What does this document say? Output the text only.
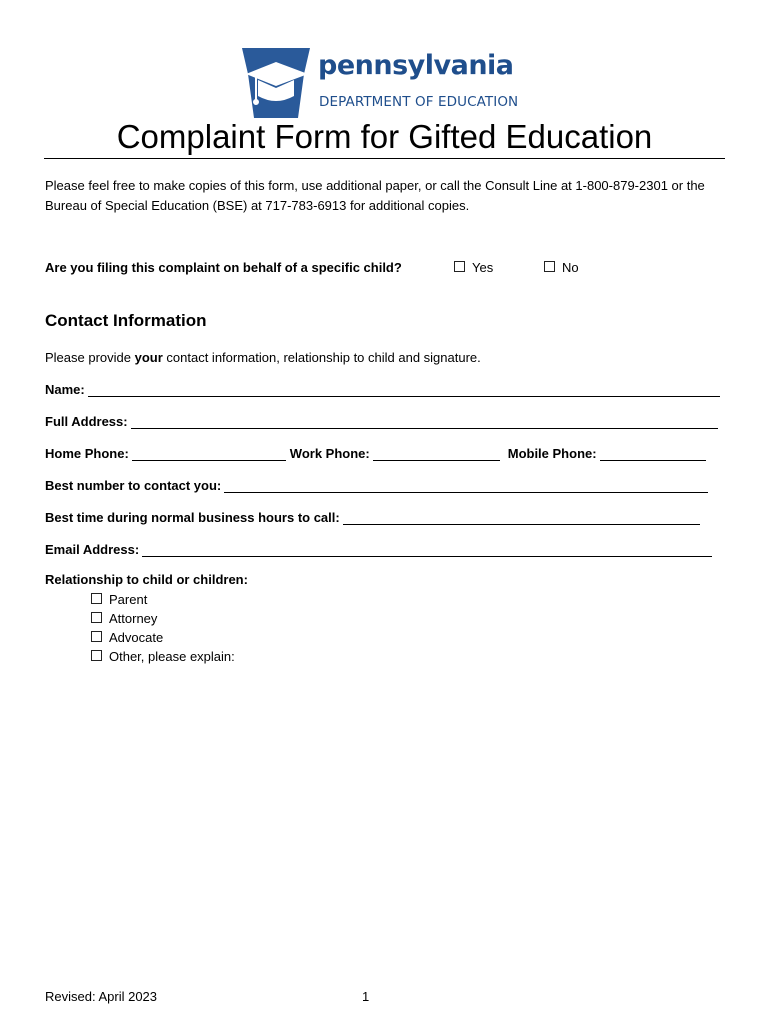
pennsylvania
DEPARTMENT OF EDUCATION
Complaint Form for Gifted Education
Please feel free to make copies of this form, use additional paper, or call the Consult Line at 1-800-879-2301 or the Bureau of Special Education (BSE) at 717-783-6913 for additional copies.
Are you filing this complaint on behalf of a specific child?	Yes	No
Contact Information
Please provide your contact information, relationship to child and signature.
Name:
Full Address:
Home Phone:	Work Phone:	Mobile Phone:
Best number to contact you:
Best time during normal business hours to call:
Email Address:
Relationship to child or children:
Parent
Attorney
Advocate
Other, please explain:
Revised: April 2023	1
